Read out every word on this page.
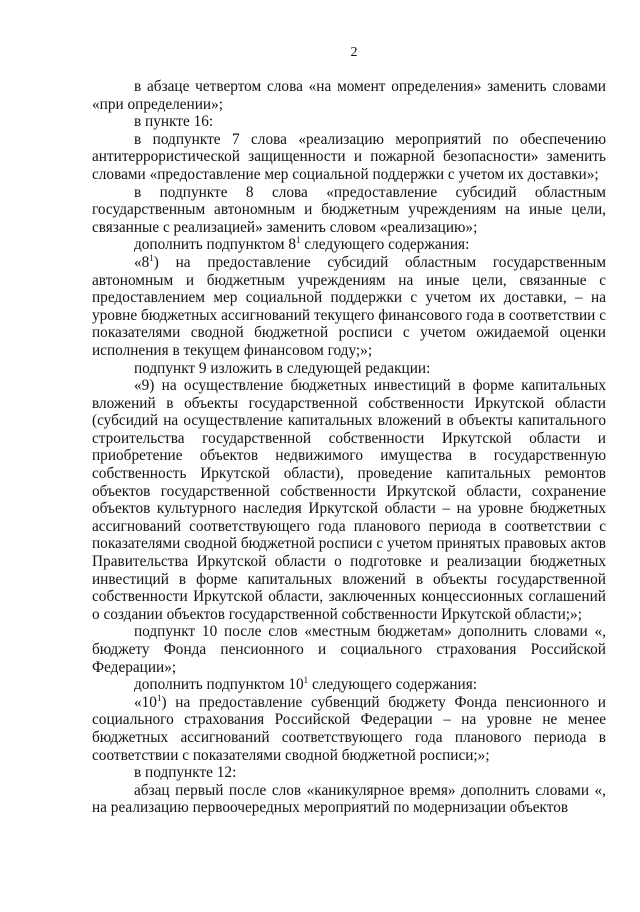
2

в абзаце четвертом слова «на момент определения» заменить словами «при определении»;

в пункте 16:

в подпункте 7 слова «реализацию мероприятий по обеспечению антитеррористической защищенности и пожарной безопасности» заменить словами «предоставление мер социальной поддержки с учетом их доставки»;

в подпункте 8 слова «предоставление субсидий областным государственным автономным и бюджетным учреждениям на иные цели, связанные с реализацией» заменить словом «реализацию»;

дополнить подпунктом $8^1$ следующего содержания:

«$8^1$) на предоставление субсидий областным государственным автономным и бюджетным учреждениям на иные цели, связанные с предоставлением мер социальной поддержки с учетом их доставки, – на уровне бюджетных ассигнований текущего финансового года в соответствии с показателями сводной бюджетной росписи с учетом ожидаемой оценки исполнения в текущем финансовом году;»;

подпункт 9 изложить в следующей редакции:

«9) на осуществление бюджетных инвестиций в форме капитальных вложений в объекты государственной собственности Иркутской области (субсидий на осуществление капитальных вложений в объекты капитального строительства государственной собственности Иркутской области и приобретение объектов недвижимого имущества в государственную собственность Иркутской области), проведение капитальных ремонтов объектов государственной собственности Иркутской области, сохранение объектов культурного наследия Иркутской области – на уровне бюджетных ассигнований соответствующего года планового периода в соответствии с показателями сводной бюджетной росписи с учетом принятых правовых актов Правительства Иркутской области о подготовке и реализации бюджетных инвестиций в форме капитальных вложений в объекты государственной собственности Иркутской области, заключенных концессионных соглашений о создании объектов государственной собственности Иркутской области;»;

подпункт 10 после слов «местным бюджетам» дополнить словами «, бюджету Фонда пенсионного и социального страхования Российской Федерации»;

дополнить подпунктом $10^1$ следующего содержания:

«$10^1$) на предоставление субвенций бюджету Фонда пенсионного и социального страхования Российской Федерации – на уровне не менее бюджетных ассигнований соответствующего года планового периода в соответствии с показателями сводной бюджетной росписи;»;

в подпункте 12:

абзац первый после слов «каникулярное время» дополнить словами «, на реализацию первоочередных мероприятий по модернизации объектов
